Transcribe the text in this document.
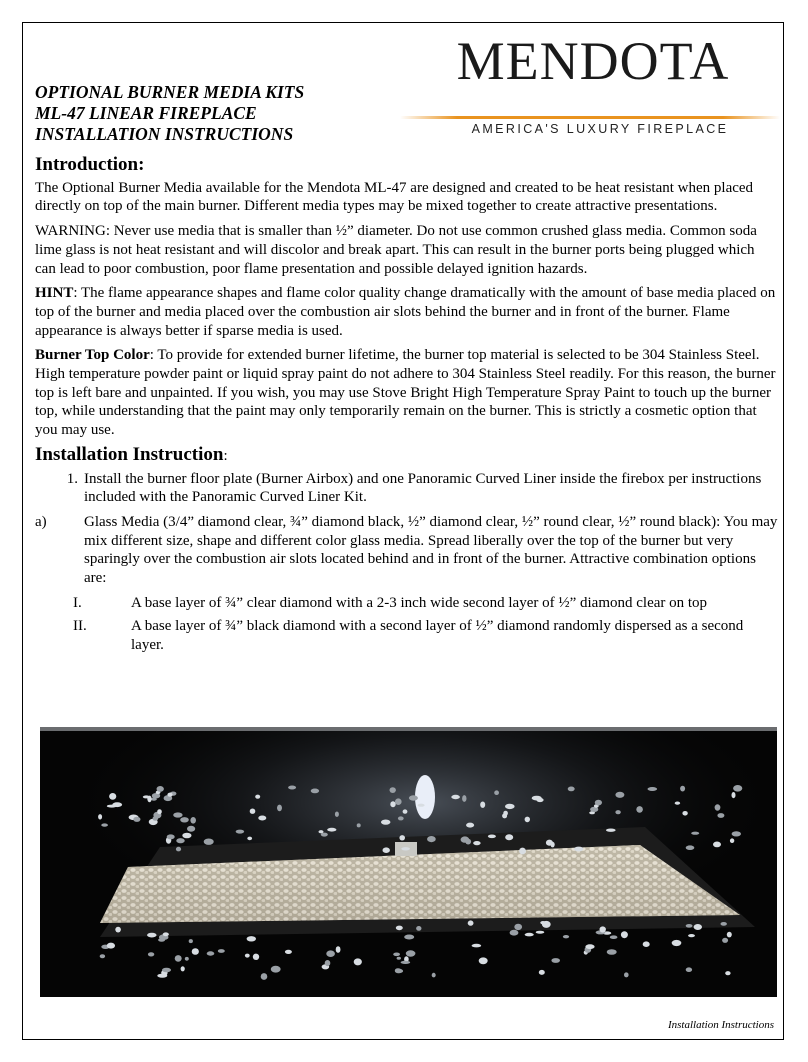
MENDOTA
AMERICA'S LUXURY FIREPLACE
OPTIONAL BURNER MEDIA KITS
ML-47 LINEAR FIREPLACE
INSTALLATION INSTRUCTIONS
Introduction:

The Optional Burner Media available for the Mendota ML-47 are designed and created to be heat resistant when placed directly on top of the main burner. Different media types may be mixed together to create attractive presentations.

WARNING: Never use media that is smaller than ½” diameter. Do not use common crushed glass media. Common soda lime glass is not heat resistant and will discolor and break apart. This can result in the burner ports being plugged which can lead to poor combustion, poor flame presentation and possible delayed ignition hazards.

HINT: The flame appearance shapes and flame color quality change dramatically with the amount of base media placed on top of the burner and media placed over the combustion air slots behind the burner and in front of the burner. Flame appearance is always better if sparse media is used.

Burner Top Color: To provide for extended burner lifetime, the burner top material is selected to be 304 Stainless Steel. High temperature powder paint or liquid spray paint do not adhere to 304 Stainless Steel readily. For this reason, the burner top is left bare and unpainted. If you wish, you may use Stove Bright High Temperature Spray Paint to touch up the burner top, while understanding that the paint may only temporarily remain on the burner. This is strictly a cosmetic option that you may use.

Installation Instruction:
1. Install the burner floor plate (Burner Airbox) and one Panoramic Curved Liner inside the firebox per instructions included with the Panoramic Curved Liner Kit.
a)	Glass Media (3/4” diamond clear, ¾” diamond black, ½” diamond clear, ½” round clear, ½” round black): You may mix different size, shape and different color glass media. Spread liberally over the top of the burner but very sparingly over the combustion air slots located behind and in front of the burner. Attractive combination options are:
I.	A base layer of ¾” clear diamond with a 2-3 inch wide second layer of ½” diamond clear on top
II.	A base layer of ¾” black diamond with a second layer of ½” diamond randomly dispersed as a second layer.
Installation Instructions
